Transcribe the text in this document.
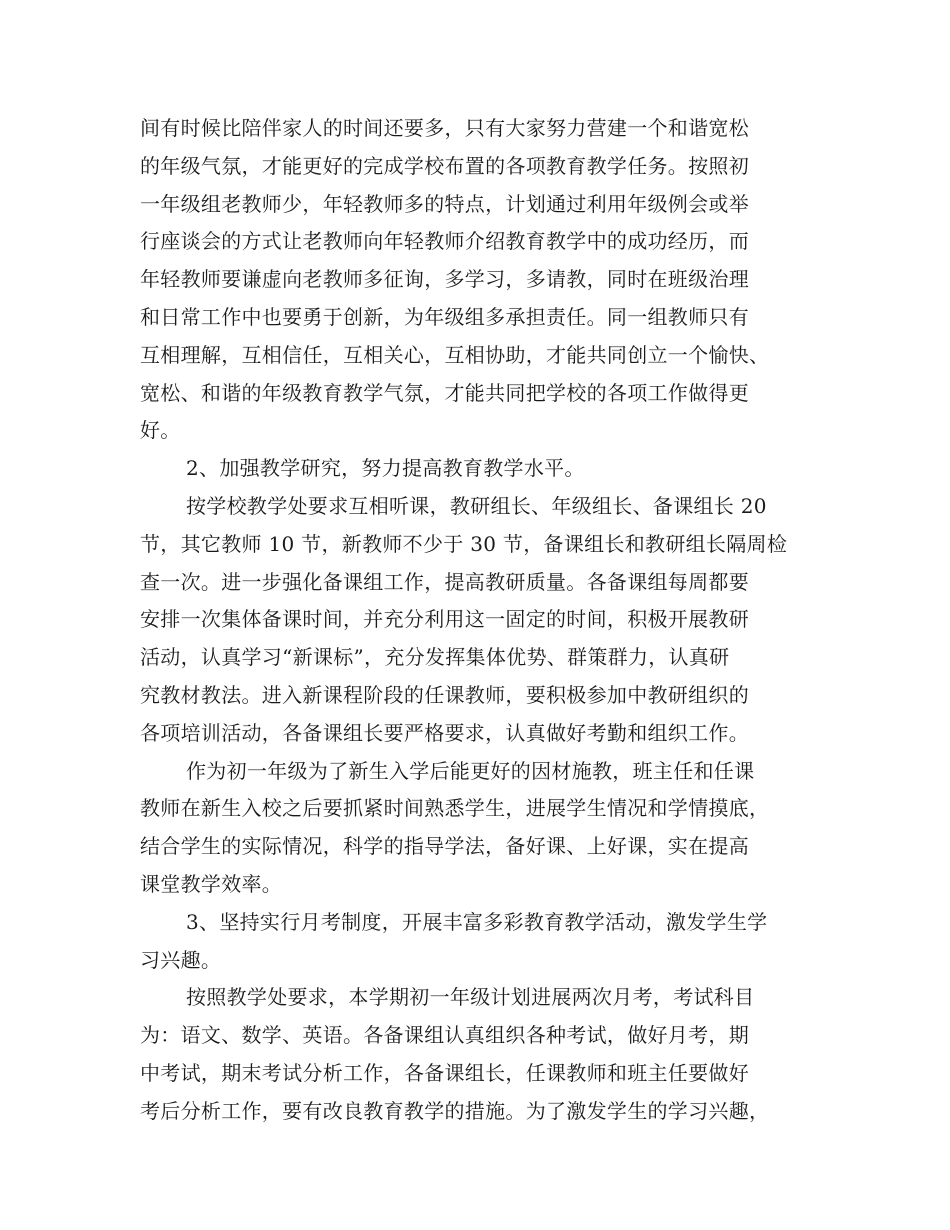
间有时候比陪伴家人的时间还要多，只有大家努力营建一个和谐宽松
的年级气氛，才能更好的完成学校布置的各项教育教学任务。按照初
一年级组老教师少，年轻教师多的特点，计划通过利用年级例会或举
行座谈会的方式让老教师向年轻教师介绍教育教学中的成功经历，而
年轻教师要谦虚向老教师多征询，多学习，多请教，同时在班级治理
和日常工作中也要勇于创新，为年级组多承担责任。同一组教师只有
互相理解，互相信任，互相关心，互相协助，才能共同创立一个愉快、
宽松、和谐的年级教育教学气氛，才能共同把学校的各项工作做得更
好。
2、加强教学研究，努力提高教育教学水平。
按学校教学处要求互相听课，教研组长、年级组长、备课组长 20
节，其它教师 10 节，新教师不少于 30 节，备课组长和教研组长隔周检
查一次。进一步强化备课组工作，提高教研质量。各备课组每周都要
安排一次集体备课时间，并充分利用这一固定的时间，积极开展教研
活动，认真学习“新课标”，充分发挥集体优势、群策群力，认真研
究教材教法。进入新课程阶段的任课教师，要积极参加中教研组织的
各项培训活动，各备课组长要严格要求，认真做好考勤和组织工作。
作为初一年级为了新生入学后能更好的因材施教，班主任和任课
教师在新生入校之后要抓紧时间熟悉学生，进展学生情况和学情摸底，
结合学生的实际情况，科学的指导学法，备好课、上好课，实在提高
课堂教学效率。
3、坚持实行月考制度，开展丰富多彩教育教学活动，激发学生学
习兴趣。
按照教学处要求，本学期初一年级计划进展两次月考，考试科目
为：语文、数学、英语。各备课组认真组织各种考试，做好月考，期
中考试，期末考试分析工作，各备课组长，任课教师和班主任要做好
考后分析工作，要有改良教育教学的措施。为了激发学生的学习兴趣，
